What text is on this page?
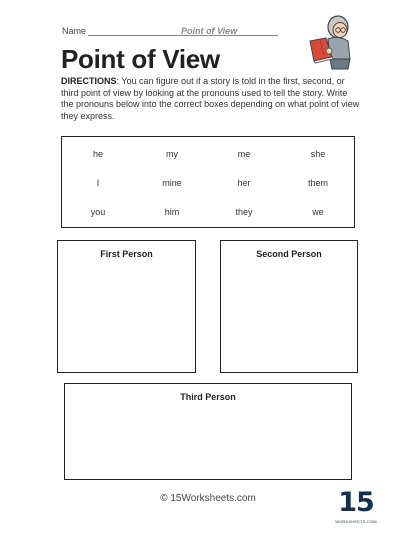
Name	Point of View
Point of View
DIRECTIONS: You can figure out if a story is told in the first, second, or third point of view by looking at the pronouns used to tell the story. Write the pronouns below into the correct boxes depending on what point of view they express.
he	my	me	she
I	mine	her	them
you	him	they	we
First Person	Second Person
Third Person
© 15Worksheets.com	15
WORKSHEETS.COM
